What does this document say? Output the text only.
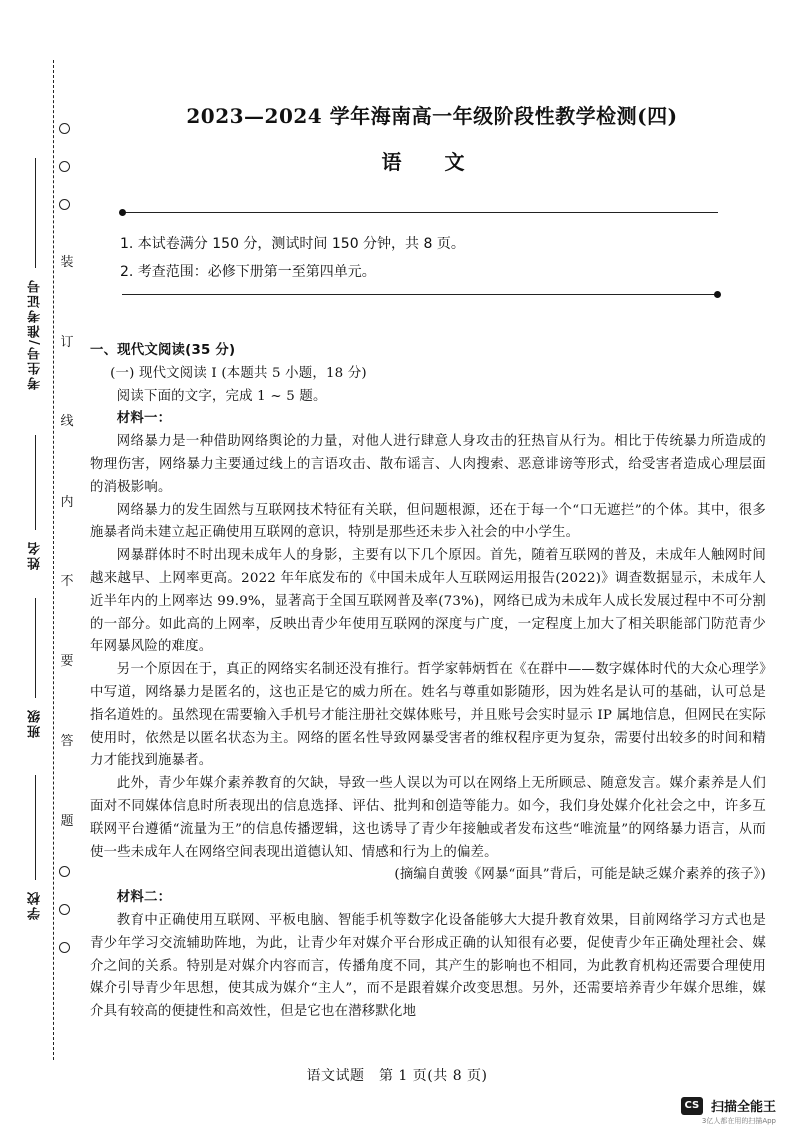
装
订
线
内
不
要
答
题
考生号/准考证号
姓名
班级
学校
2023—2024 学年海南高一年级阶段性教学检测(四)
语 文
1. 本试卷满分 150 分，测试时间 150 分钟，共 8 页。
2. 考查范围：必修下册第一至第四单元。

一、现代文阅读(35 分)

(一) 现代文阅读 I (本题共 5 小题，18 分)

阅读下面的文字，完成 1 ~ 5 题。

材料一：

网络暴力是一种借助网络舆论的力量，对他人进行肆意人身攻击的狂热盲从行为。相比于传统暴力所造成的物理伤害，网络暴力主要通过线上的言语攻击、散布谣言、人肉搜索、恶意诽谤等形式，给受害者造成心理层面的消极影响。

网络暴力的发生固然与互联网技术特征有关联，但问题根源，还在于每一个“口无遮拦”的个体。其中，很多施暴者尚未建立起正确使用互联网的意识，特别是那些还未步入社会的中小学生。

网暴群体时不时出现未成年人的身影，主要有以下几个原因。首先，随着互联网的普及，未成年人触网时间越来越早、上网率更高。2022 年年底发布的《中国未成年人互联网运用报告(2022)》调查数据显示，未成年人近半年内的上网率达 99.9%，显著高于全国互联网普及率(73%)，网络已成为未成年人成长发展过程中不可分割的一部分。如此高的上网率，反映出青少年使用互联网的深度与广度，一定程度上加大了相关职能部门防范青少年网暴风险的难度。

另一个原因在于，真正的网络实名制还没有推行。哲学家韩炳哲在《在群中——数字媒体时代的大众心理学》中写道，网络暴力是匿名的，这也正是它的威力所在。姓名与尊重如影随形，因为姓名是认可的基础，认可总是指名道姓的。虽然现在需要输入手机号才能注册社交媒体账号，并且账号会实时显示 IP 属地信息，但网民在实际使用时，依然是以匿名状态为主。网络的匿名性导致网暴受害者的维权程序更为复杂，需要付出较多的时间和精力才能找到施暴者。

此外，青少年媒介素养教育的欠缺，导致一些人误以为可以在网络上无所顾忌、随意发言。媒介素养是人们面对不同媒体信息时所表现出的信息选择、评估、批判和创造等能力。如今，我们身处媒介化社会之中，许多互联网平台遵循“流量为王”的信息传播逻辑，这也诱导了青少年接触或者发布这些“唯流量”的网络暴力语言，从而使一些未成年人在网络空间表现出道德认知、情感和行为上的偏差。

(摘编自黄骏《网暴“面具”背后，可能是缺乏媒介素养的孩子》)

材料二：

教育中正确使用互联网、平板电脑、智能手机等数字化设备能够大大提升教育效果，目前网络学习方式也是青少年学习交流辅助阵地，为此，让青少年对媒介平台形成正确的认知很有必要，促使青少年正确处理社会、媒介之间的关系。特别是对媒介内容而言，传播角度不同，其产生的影响也不相同，为此教育机构还需要合理使用媒介引导青少年思想，使其成为媒介“主人”，而不是跟着媒介改变思想。另外，还需要培养青少年媒介思维，媒介具有较高的便捷性和高效性，但是它也在潜移默化地

语文试题　第 1 页(共 8 页)
CS 扫描全能王
3亿人都在用的扫描App
